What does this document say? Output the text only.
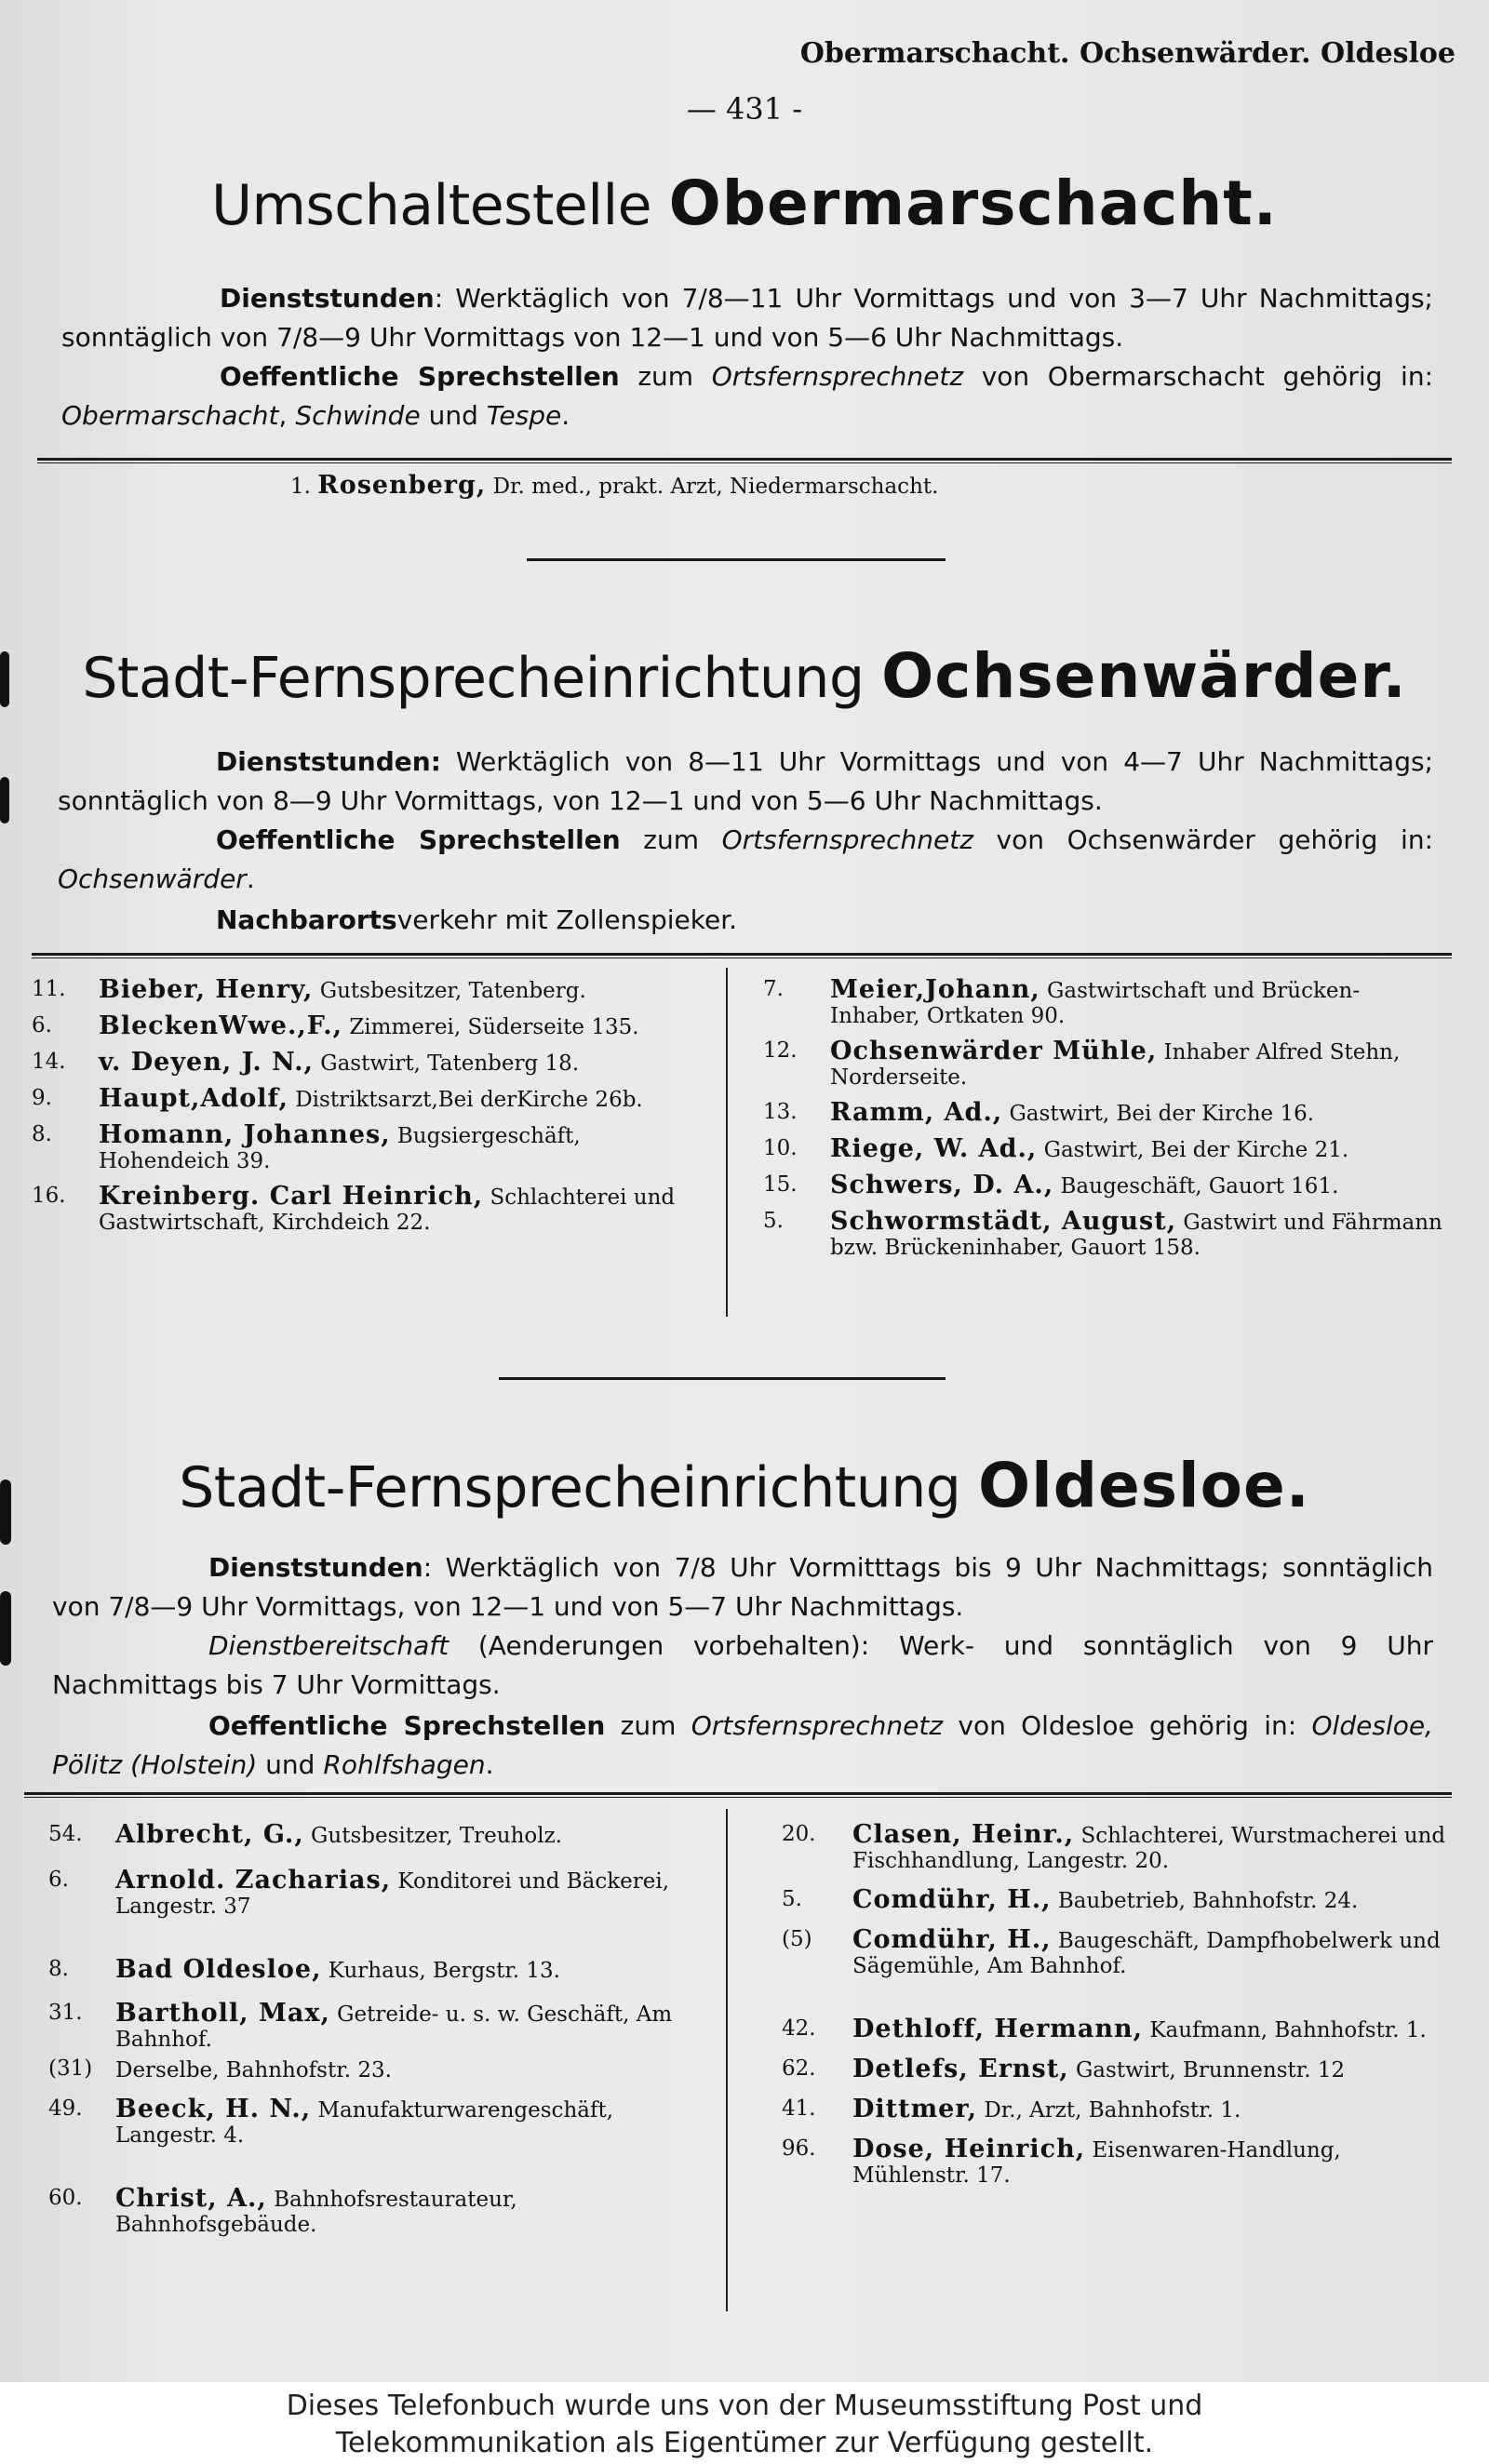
Obermarschacht. Ochsenwärder. Oldesloe
— 431 -
Umschaltestelle Obermarschacht.
Dienststunden: Werktäglich von 7/8—11 Uhr Vormittags und von 3—7 Uhr Nachmittags; sonntäglich von 7/8—9 Uhr Vormittags von 12—1 und von 5—6 Uhr Nachmittags.
Oeffentliche Sprechstellen zum Ortsfernsprechnetz von Obermarschacht gehörig in: Obermarschacht, Schwinde und Tespe.
1. Rosenberg, Dr. med., prakt. Arzt, Niedermarschacht.
Stadt-Fernsprecheinrichtung Ochsenwärder.
Dienststunden: Werktäglich von 8—11 Uhr Vormittags und von 4—7 Uhr Nachmittags; sonntäglich von 8—9 Uhr Vormittags, von 12—1 und von 5—6 Uhr Nachmittags.
Oeffentliche Sprechstellen zum Ortsfernsprechnetz von Ochsenwärder gehörig in: Ochsenwärder.
Nachbarortsverkehr mit Zollenspieker.
11. Bieber, Henry, Gutsbesitzer, Tatenberg.
6. BleckenWwe.,F., Zimmerei, Süderseite 135.
14. v. Deyen, J. N., Gastwirt, Tatenberg 18.
9. Haupt,Adolf, Distriktsarzt,Bei derKirche 26b.
8. Homann, Johannes, Bugsiergeschäft, Hohendeich 39.
16. Kreinberg. Carl Heinrich, Schlachterei und Gastwirtschaft, Kirchdeich 22.
7. Meier,Johann, Gastwirtschaft und Brücken-Inhaber, Ortkaten 90.
12. Ochsenwärder Mühle, Inhaber Alfred Stehn, Norderseite.
13. Ramm, Ad., Gastwirt, Bei der Kirche 16.
10. Riege, W. Ad., Gastwirt, Bei der Kirche 21.
15. Schwers, D. A., Baugeschäft, Gauort 161.
5. Schwormstädt, August, Gastwirt und Fährmann bzw. Brückeninhaber, Gauort 158.
Stadt-Fernsprecheinrichtung Oldesloe.
Dienststunden: Werktäglich von 7/8 Uhr Vormitttags bis 9 Uhr Nachmittags; sonntäglich von 7/8—9 Uhr Vormittags, von 12—1 und von 5—7 Uhr Nachmittags.
Dienstbereitschaft (Aenderungen vorbehalten): Werk- und sonntäglich von 9 Uhr Nachmittags bis 7 Uhr Vormittags.
Oeffentliche Sprechstellen zum Ortsfernsprechnetz von Oldesloe gehörig in: Oldesloe, Pölitz (Holstein) und Rohlfshagen.
54. Albrecht, G., Gutsbesitzer, Treuholz.
6. Arnold. Zacharias, Konditorei und Bäckerei, Langestr. 37
8. Bad Oldesloe, Kurhaus, Bergstr. 13.
31. Bartholl, Max, Getreide- u. s. w. Geschäft, Am Bahnhof.
(31) Derselbe, Bahnhofstr. 23.
49. Beeck, H. N., Manufakturwarengeschäft, Langestr. 4.
60. Christ, A., Bahnhofsrestaurateur, Bahnhofsgebäude.
20. Clasen, Heinr., Schlachterei, Wurstmacherei und Fischhandlung, Langestr. 20.
5. Comdühr, H., Baubetrieb, Bahnhofstr. 24.
(5) Comdühr, H., Baugeschäft, Dampfhobelwerk und Sägemühle, Am Bahnhof.
42. Dethloff, Hermann, Kaufmann, Bahnhofstr. 1.
62. Detlefs, Ernst, Gastwirt, Brunnenstr. 12
41. Dittmer, Dr., Arzt, Bahnhofstr. 1.
96. Dose, Heinrich, Eisenwaren-Handlung, Mühlenstr. 17.
Dieses Telefonbuch wurde uns von der Museumsstiftung Post und
Telekommunikation als Eigentümer zur Verfügung gestellt.
